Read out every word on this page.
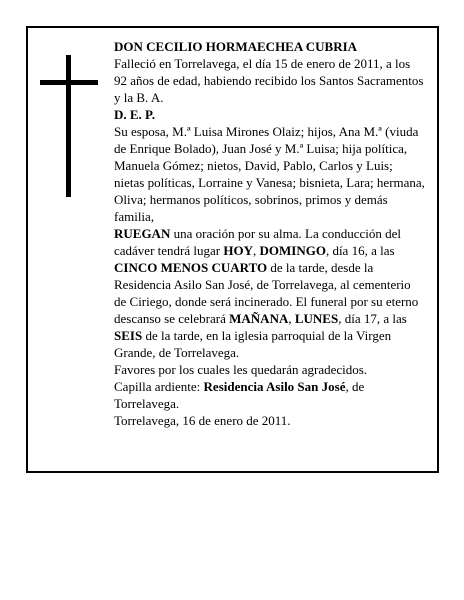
DON CECILIO HORMAECHEA CUBRIA

Falleció en Torrelavega, el día 15 de enero de 2011, a los 92 años de edad, habiendo recibido los Santos Sacramentos y la B. A.

D. E. P.

Su esposa, M.ª Luisa Mirones Olaiz; hijos, Ana M.ª (viuda de Enrique Bolado), Juan José y M.ª Luisa; hija política, Manuela Gómez; nietos, David, Pablo, Carlos y Luis; nietas políticas, Lorraine y Vanesa; bisnieta, Lara; hermana, Oliva; hermanos políticos, sobrinos, primos y demás familia,

RUEGAN una oración por su alma. La conducción del cadáver tendrá lugar HOY, DOMINGO, día 16, a las CINCO MENOS CUARTO de la tarde, desde la Residencia Asilo San José, de Torrelavega, al cementerio de Ciriego, donde será incinerado. El funeral por su eterno descanso se celebrará MAÑANA, LUNES, día 17, a las SEIS de la tarde, en la iglesia parroquial de la Virgen Grande, de Torrelavega.

Favores por los cuales les quedarán agradecidos.

Capilla ardiente: Residencia Asilo San José, de Torrelavega.

Torrelavega, 16 de enero de 2011.
